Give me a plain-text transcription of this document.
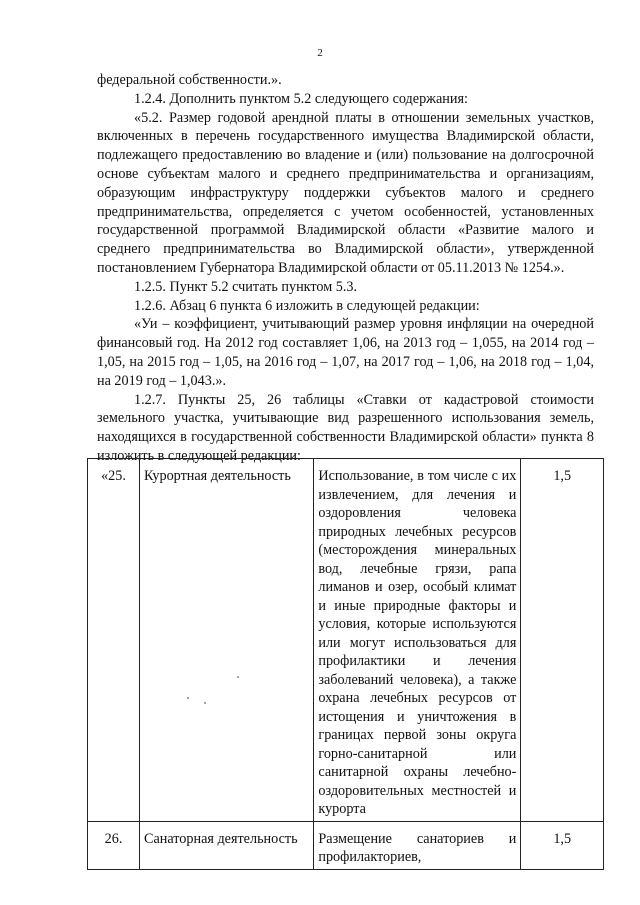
2

федеральной собственности.».

1.2.4. Дополнить пунктом 5.2 следующего содержания:

«5.2. Размер годовой арендной платы в отношении земельных участков, включенных в перечень государственного имущества Владимирской области, подлежащего предоставлению во владение и (или) пользование на долгосрочной основе субъектам малого и среднего предпринимательства и организациям, образующим инфраструктуру поддержки субъектов малого и среднего предпринимательства, определяется с учетом особенностей, установленных государственной программой Владимирской области «Развитие малого и среднего предпринимательства во Владимирской области», утвержденной постановлением Губернатора Владимирской области от 05.11.2013 № 1254.».

1.2.5. Пункт 5.2 считать пунктом 5.3.

1.2.6. Абзац 6 пункта 6 изложить в следующей редакции:

«Уи – коэффициент, учитывающий размер уровня инфляции на очередной финансовый год. На 2012 год составляет 1,06, на 2013 год – 1,055, на 2014 год – 1,05, на 2015 год – 1,05, на 2016 год – 1,07, на 2017 год – 1,06, на 2018 год – 1,04, на 2019 год – 1,043.».

1.2.7. Пункты 25, 26 таблицы «Ставки от кадастровой стоимости земельного участка, учитывающие вид разрешенного использования земель, находящихся в государственной собственности Владимирской области» пункта 8 изложить в следующей редакции:

«25.	Курортная деятельность	Использование, в том числе с их извлечением, для лечения и оздоровления человека природных лечебных ресурсов (месторождения минеральных вод, лечебные грязи, рапа лиманов и озер, особый климат и иные природные факторы и условия, которые используются или могут использоваться для профилактики и лечения заболеваний человека), а также охрана лечебных ресурсов от истощения и уничтожения в границах первой зоны округа горно-санитарной или санитарной охраны лечебно-оздоровительных местностей и курорта	1,5
26.	Санаторная деятельность	Размещение санаториев и профилакториев,	1,5
